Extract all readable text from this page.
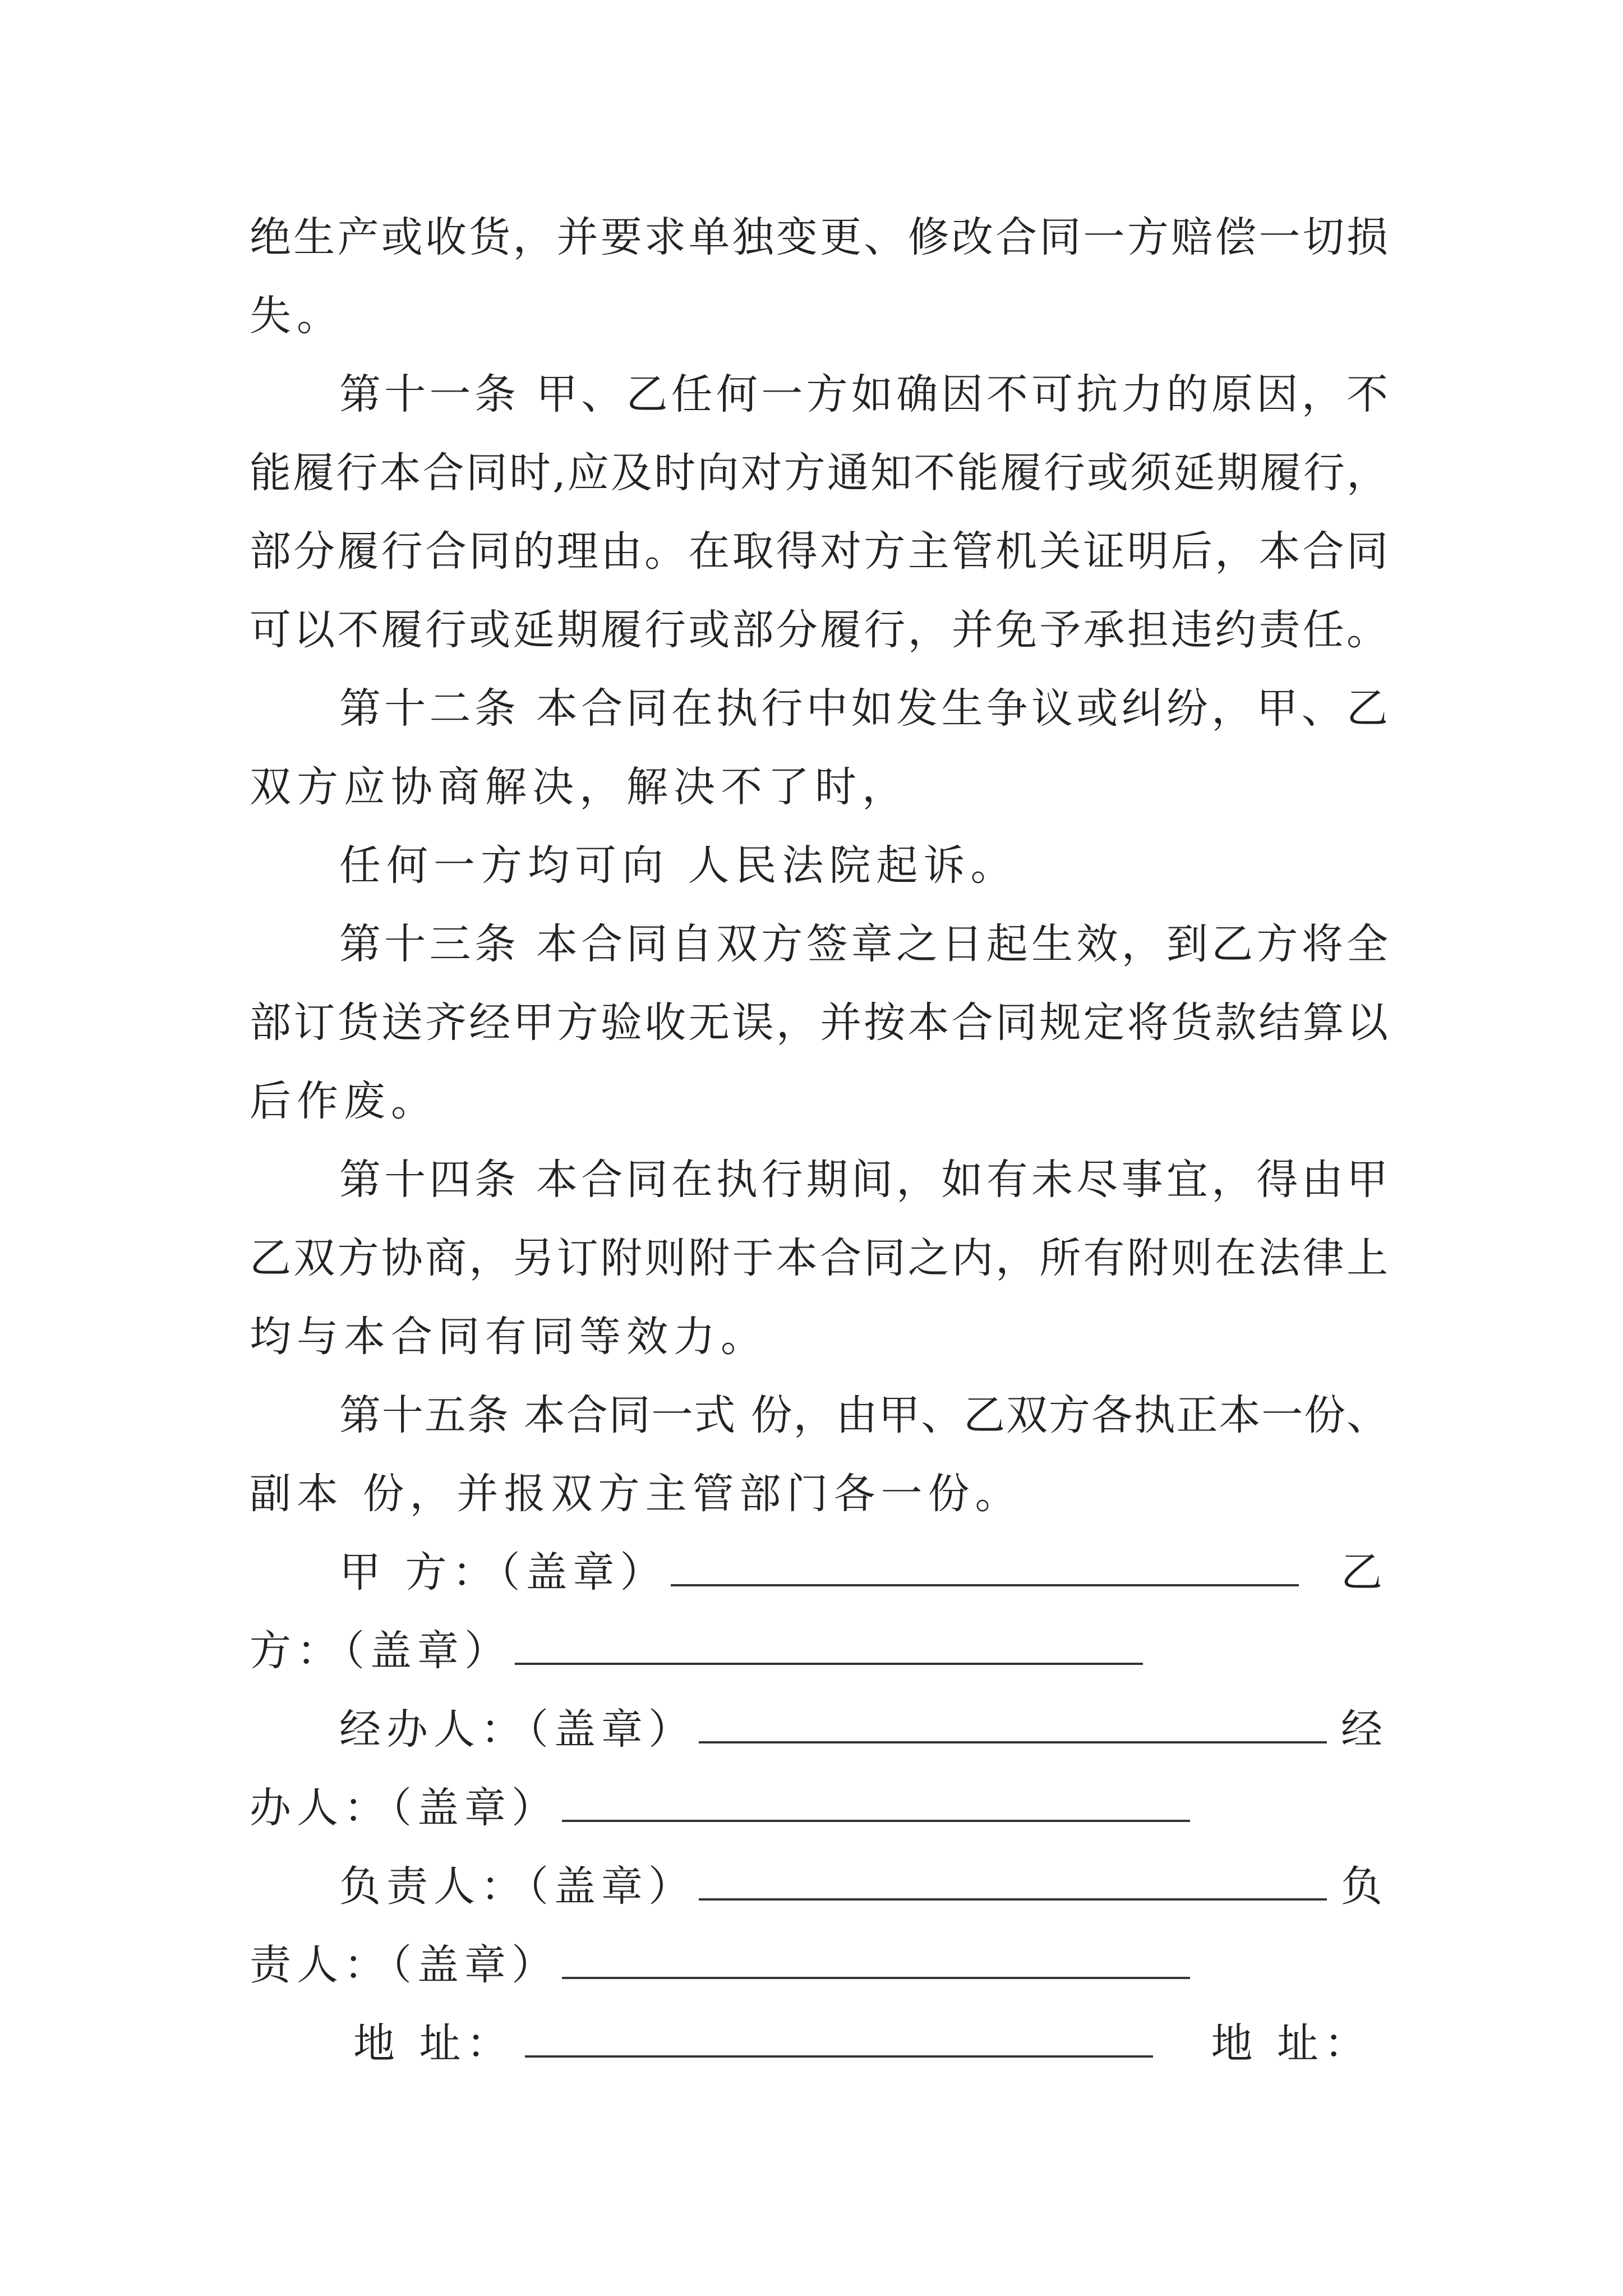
绝生产或收货，并要求单独变更、修改合同一方赔偿一切损
失。
第十一条 甲、乙任何一方如确因不可抗力的原因，不
能履行本合同时,应及时向对方通知不能履行或须延期履行，
部分履行合同的理由。在取得对方主管机关证明后，本合同
可以不履行或延期履行或部分履行，并免予承担违约责任。
第十二条 本合同在执行中如发生争议或纠纷，甲、乙
双方应协商解决，解决不了时，
任何一方均可向 人民法院起诉。
第十三条 本合同自双方签章之日起生效，到乙方将全
部订货送齐经甲方验收无误，并按本合同规定将货款结算以
后作废。
第十四条 本合同在执行期间，如有未尽事宜，得由甲
乙双方协商，另订附则附于本合同之内，所有附则在法律上
均与本合同有同等效力。
第十五条 本合同一式 份，由甲、乙双方各执正本一份、
副本 份，并报双方主管部门各一份。
甲 方：（盖章）	乙
方：（盖章）
经办人：（盖章）	经
办人：（盖章）
负责人：（盖章）	负
责人：（盖章）
地 址：	地 址：
